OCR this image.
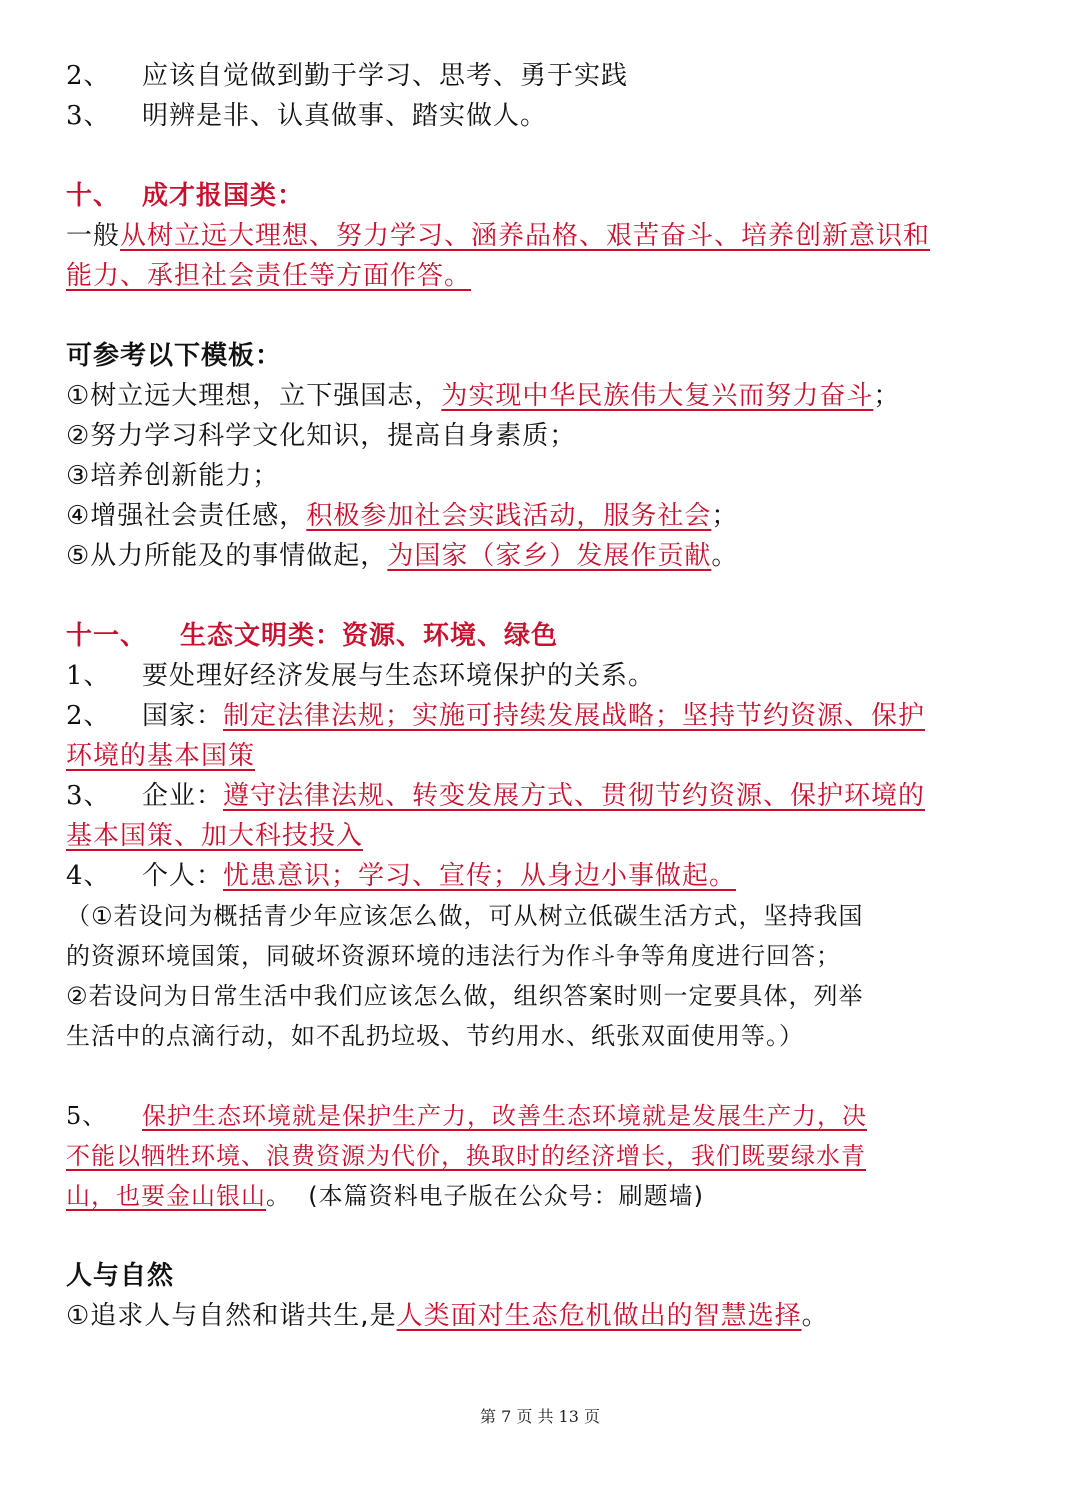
2、 应该自觉做到勤于学习、思考、勇于实践
3、 明辨是非、认真做事、踏实做人。
十、 成才报国类：
一般从树立远大理想、努力学习、涵养品格、艰苦奋斗、培养创新意识和
能力、承担社会责任等方面作答。
可参考以下模板：
①树立远大理想，立下强国志，为实现中华民族伟大复兴而努力奋斗；
②努力学习科学文化知识，提高自身素质；
③培养创新能力；
④增强社会责任感，积极参加社会实践活动，服务社会；
⑤从力所能及的事情做起，为国家（家乡）发展作贡献。
十一、 生态文明类：资源、环境、绿色
1、 要处理好经济发展与生态环境保护的关系。
2、 国家：制定法律法规；实施可持续发展战略；坚持节约资源、保护
环境的基本国策
3、 企业：遵守法律法规、转变发展方式、贯彻节约资源、保护环境的
基本国策、加大科技投入
4、 个人：忧患意识；学习、宣传；从身边小事做起。
（①若设问为概括青少年应该怎么做，可从树立低碳生活方式，坚持我国
的资源环境国策，同破坏资源环境的违法行为作斗争等角度进行回答；
②若设问为日常生活中我们应该怎么做，组织答案时则一定要具体，列举
生活中的点滴行动，如不乱扔垃圾、节约用水、纸张双面使用等。）
5、 保护生态环境就是保护生产力，改善生态环境就是发展生产力，决
不能以牺牲环境、浪费资源为代价，换取时的经济增长，我们既要绿水青
山，也要金山银山。 (本篇资料电子版在公众号：刷题墙)
人与自然
①追求人与自然和谐共生,是人类面对生态危机做出的智慧选择。
第 7 页 共 13 页
